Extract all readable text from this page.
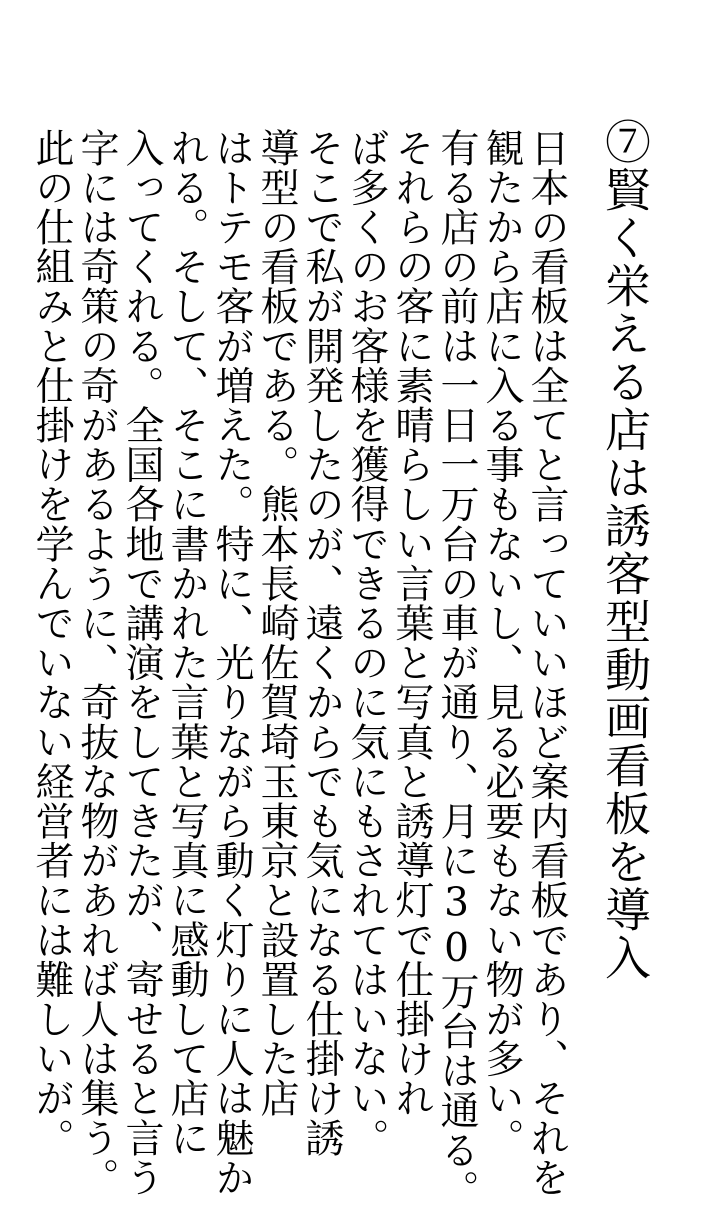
⑦賢く栄える店は誘客型動画看板を導入
日本の看板は全てと言っていいほど案内看板であり、それを
観たから店に入る事もないし、見る必要もない物が多い。
有る店の前は一日一万台の車が通り、月に30万台は通る。
それらの客に素晴らしい言葉と写真と誘導灯で仕掛けれ
ば多くのお客様を獲得できるのに気にもされてはいない。
そこで私が開発したのが、遠くからでも気になる仕掛け誘
導型の看板である。熊本長崎佐賀埼玉東京と設置した店
はトテモ客が増えた。特に、光りながら動く灯りに人は魅か
れる。そして、そこに書かれた言葉と写真に感動して店に
入ってくれる。全国各地で講演をしてきたが、寄せると言う
字には奇策の奇があるように、奇抜な物があれば人は集う。
此の仕組みと仕掛けを学んでいない経営者には難しいが。
